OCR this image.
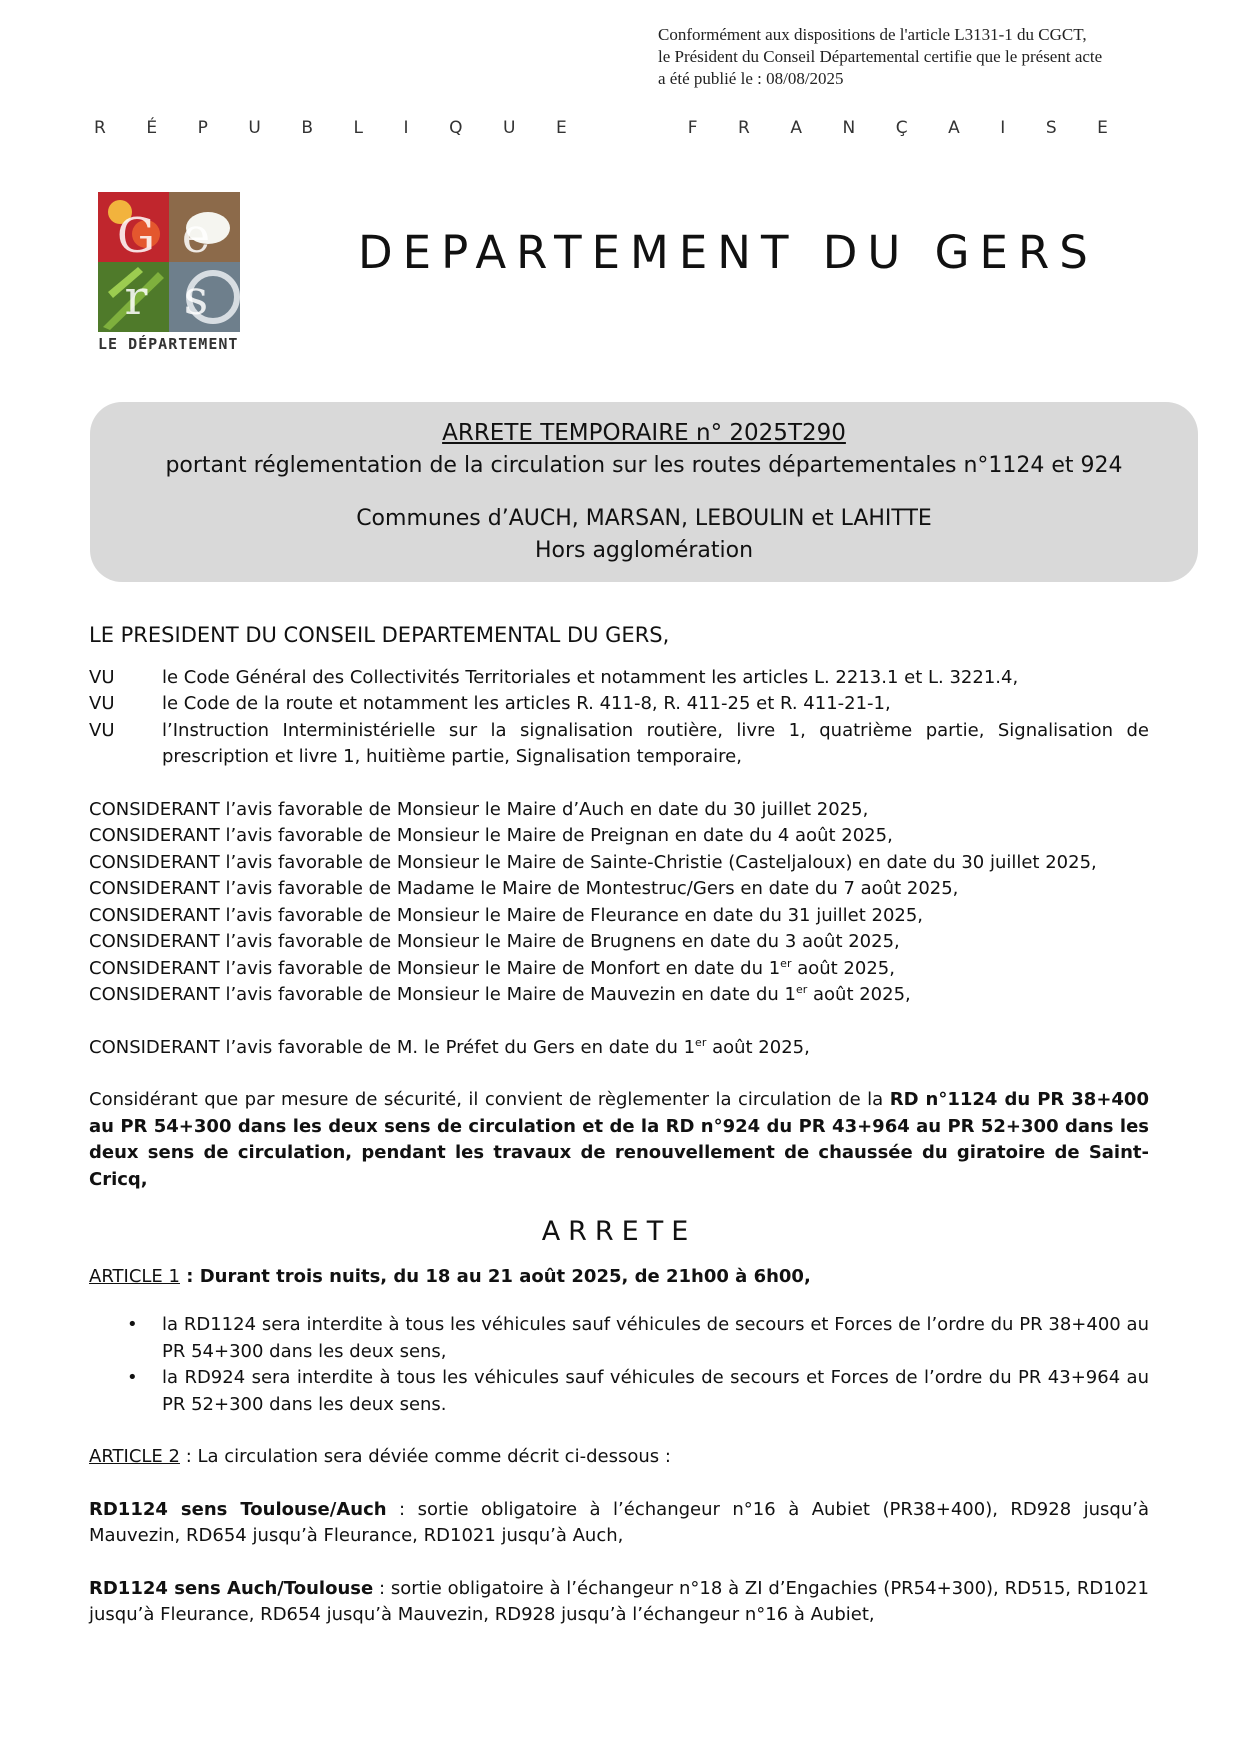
Conformément aux dispositions de l'article L3131-1 du CGCT,
le Président du Conseil Départemental certifie que le présent acte
a été publié le : 08/08/2025
R É P U B L I Q U E	F R A N Ç A I S E
G e
r s
LE DÉPARTEMENT
DEPARTEMENT DU GERS
ARRETE TEMPORAIRE n° 2025T290
portant réglementation de la circulation sur les routes départementales n°1124 et 924
Communes d’AUCH, MARSAN, LEBOULIN et LAHITTE
Hors agglomération
LE PRESIDENT DU CONSEIL DEPARTEMENTAL DU GERS,
VU	le Code Général des Collectivités Territoriales et notamment les articles L. 2213.1 et L. 3221.4,
VU	le Code de la route et notamment les articles R. 411-8, R. 411-25 et R. 411-21-1,
VU	l’Instruction Interministérielle sur la signalisation routière, livre 1, quatrième partie, Signalisation de prescription et livre 1, huitième partie, Signalisation temporaire,
CONSIDERANT l’avis favorable de Monsieur le Maire d’Auch en date du 30 juillet 2025,
CONSIDERANT l’avis favorable de Monsieur le Maire de Preignan en date du 4 août 2025,
CONSIDERANT l’avis favorable de Monsieur le Maire de Sainte-Christie (Casteljaloux) en date du 30 juillet 2025,
CONSIDERANT l’avis favorable de Madame le Maire de Montestruc/Gers en date du 7 août 2025,
CONSIDERANT l’avis favorable de Monsieur le Maire de Fleurance en date du 31 juillet 2025,
CONSIDERANT l’avis favorable de Monsieur le Maire de Brugnens en date du 3 août 2025,
CONSIDERANT l’avis favorable de Monsieur le Maire de Monfort en date du 1er août 2025,
CONSIDERANT l’avis favorable de Monsieur le Maire de Mauvezin en date du 1er août 2025,
CONSIDERANT l’avis favorable de M. le Préfet du Gers en date du 1er août 2025,
Considérant que par mesure de sécurité, il convient de règlementer la circulation de la RD n°1124 du PR 38+400 au PR 54+300 dans les deux sens de circulation et de la RD n°924 du PR 43+964 au PR 52+300 dans les deux sens de circulation, pendant les travaux de renouvellement de chaussée du giratoire de Saint-Cricq,
ARRETE
ARTICLE 1 : Durant trois nuits, du 18 au 21 août 2025, de 21h00 à 6h00,
• la RD1124 sera interdite à tous les véhicules sauf véhicules de secours et Forces de l’ordre du PR 38+400 au PR 54+300 dans les deux sens,
• la RD924 sera interdite à tous les véhicules sauf véhicules de secours et Forces de l’ordre du PR 43+964 au PR 52+300 dans les deux sens.
ARTICLE 2 : La circulation sera déviée comme décrit ci-dessous :
RD1124 sens Toulouse/Auch : sortie obligatoire à l’échangeur n°16 à Aubiet (PR38+400), RD928 jusqu’à Mauvezin, RD654 jusqu’à Fleurance, RD1021 jusqu’à Auch,
RD1124 sens Auch/Toulouse : sortie obligatoire à l’échangeur n°18 à ZI d’Engachies (PR54+300), RD515, RD1021 jusqu’à Fleurance, RD654 jusqu’à Mauvezin, RD928 jusqu’à l’échangeur n°16 à Aubiet,
